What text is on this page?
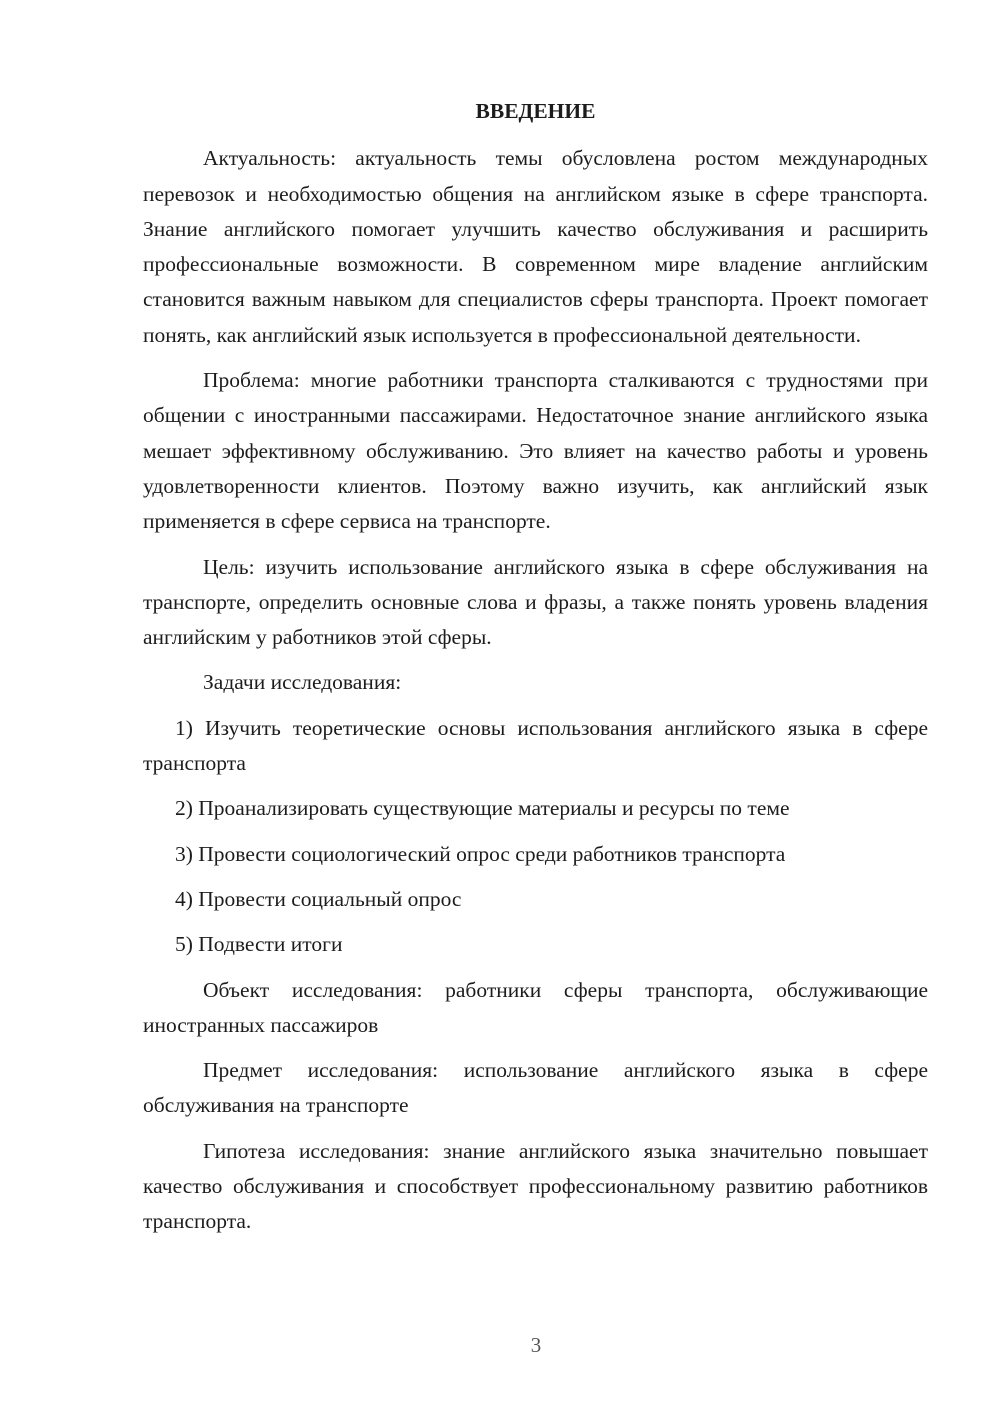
ВВЕДЕНИЕ

Актуальность: актуальность темы обусловлена ростом международных перевозок и необходимостью общения на английском языке в сфере транспорта. Знание английского помогает улучшить качество обслуживания и расширить профессиональные возможности. В современном мире владение английским становится важным навыком для специалистов сферы транспорта. Проект помогает понять, как английский язык используется в профессиональной деятельности.

Проблема: многие работники транспорта сталкиваются с трудностями при общении с иностранными пассажирами. Недостаточное знание английского языка мешает эффективному обслуживанию. Это влияет на качество работы и уровень удовлетворенности клиентов. Поэтому важно изучить, как английский язык применяется в сфере сервиса на транспорте.

Цель: изучить использование английского языка в сфере обслуживания на транспорте, определить основные слова и фразы, а также понять уровень владения английским у работников этой сферы.

Задачи исследования:

1) Изучить теоретические основы использования английского языка в сфере транспорта

2) Проанализировать существующие материалы и ресурсы по теме

3) Провести социологический опрос среди работников транспорта

4) Провести социальный опрос

5) Подвести итоги

Объект исследования: работники сферы транспорта, обслуживающие иностранных пассажиров

Предмет исследования: использование английского языка в сфере обслуживания на транспорте

Гипотеза исследования: знание английского языка значительно повышает качество обслуживания и способствует профессиональному развитию работников транспорта.

3
